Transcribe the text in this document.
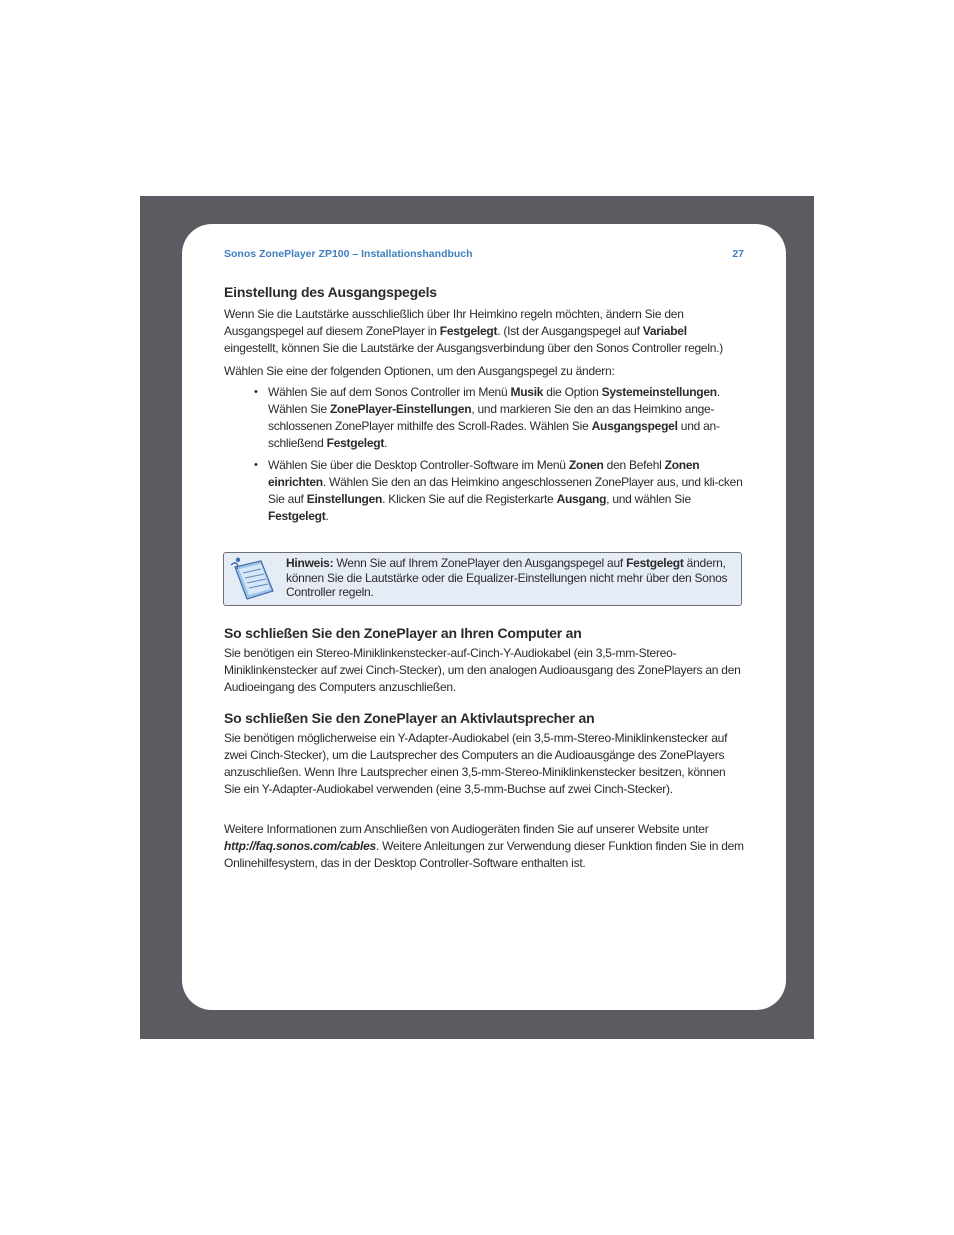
Sonos ZonePlayer ZP100 – Installationshandbuch	27
Einstellung des Ausgangspegels

Wenn Sie die Lautstärke ausschließlich über Ihr Heimkino regeln möchten, ändern Sie den Ausgangspegel auf diesem ZonePlayer in Festgelegt. (Ist der Ausgangspegel auf Variabel eingestellt, können Sie die Lautstärke der Ausgangsverbindung über den Sonos Controller regeln.)

Wählen Sie eine der folgenden Optionen, um den Ausgangspegel zu ändern:

• Wählen Sie auf dem Sonos Controller im Menü Musik die Option Systemeinstellungen. Wählen Sie ZonePlayer-Einstellungen, und markieren Sie den an das Heimkino ange-schlossenen ZonePlayer mithilfe des Scroll-Rades. Wählen Sie Ausgangspegel und an-schließend Festgelegt.
• Wählen Sie über die Desktop Controller-Software im Menü Zonen den Befehl Zonen einrichten. Wählen Sie den an das Heimkino angeschlossenen ZonePlayer aus, und kli-cken Sie auf Einstellungen. Klicken Sie auf die Registerkarte Ausgang, und wählen Sie Festgelegt.
Hinweis: Wenn Sie auf Ihrem ZonePlayer den Ausgangspegel auf Festgelegt ändern, können Sie die Lautstärke oder die Equalizer-Einstellungen nicht mehr über den Sonos Controller regeln.
So schließen Sie den ZonePlayer an Ihren Computer an

Sie benötigen ein Stereo-Miniklinkenstecker-auf-Cinch-Y-Audiokabel (ein 3,5-mm-Stereo-Miniklinkenstecker auf zwei Cinch-Stecker), um den analogen Audioausgang des ZonePlayers an den Audioeingang des Computers anzuschließen.

So schließen Sie den ZonePlayer an Aktivlautsprecher an

Sie benötigen möglicherweise ein Y-Adapter-Audiokabel (ein 3,5-mm-Stereo-Miniklinkenstecker auf zwei Cinch-Stecker), um die Lautsprecher des Computers an die Audioausgänge des ZonePlayers anzuschließen. Wenn Ihre Lautsprecher einen 3,5-mm-Stereo-Miniklinkenstecker besitzen, können Sie ein Y-Adapter-Audiokabel verwenden (eine 3,5-mm-Buchse auf zwei Cinch-Stecker).

Weitere Informationen zum Anschließen von Audiogeräten finden Sie auf unserer Website unter http://faq.sonos.com/cables. Weitere Anleitungen zur Verwendung dieser Funktion finden Sie in dem Onlinehilfesystem, das in der Desktop Controller-Software enthalten ist.
